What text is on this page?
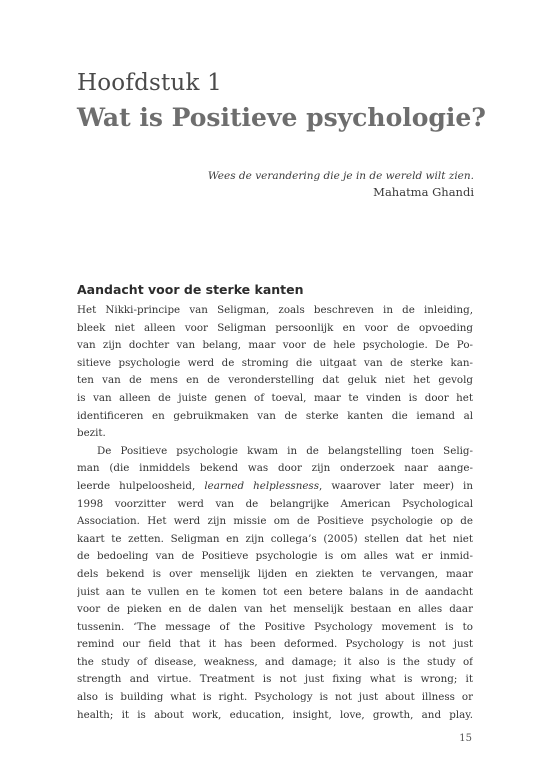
Hoofdstuk 1
Wat is Positieve psychologie?
Wees de verandering die je in de wereld wilt zien.
Mahatma Ghandi
Aandacht voor de sterke kanten
Het Nikki-principe van Seligman, zoals beschreven in de inleiding,
bleek niet alleen voor Seligman persoonlijk en voor de opvoeding
van zijn dochter van belang, maar voor de hele psychologie. De Po-
sitieve psychologie werd de stroming die uitgaat van de sterke kan-
ten van de mens en de veronderstelling dat geluk niet het gevolg
is van alleen de juiste genen of toeval, maar te vinden is door het
identificeren en gebruikmaken van de sterke kanten die iemand al
bezit.
De Positieve psychologie kwam in de belangstelling toen Selig-
man (die inmiddels bekend was door zijn onderzoek naar aange-
leerde hulpeloosheid, learned helplessness, waarover later meer) in
1998 voorzitter werd van de belangrijke American Psychological
Association. Het werd zijn missie om de Positieve psychologie op de
kaart te zetten. Seligman en zijn collega’s (2005) stellen dat het niet
de bedoeling van de Positieve psychologie is om alles wat er inmid-
dels bekend is over menselijk lijden en ziekten te vervangen, maar
juist aan te vullen en te komen tot een betere balans in de aandacht
voor de pieken en de dalen van het menselijk bestaan en alles daar
tussenin. ‘The message of the Positive Psychology movement is to
remind our field that it has been deformed. Psychology is not just
the study of disease, weakness, and damage; it also is the study of
strength and virtue. Treatment is not just fixing what is wrong; it
also is building what is right. Psychology is not just about illness or
health; it is about work, education, insight, love, growth, and play.
15
